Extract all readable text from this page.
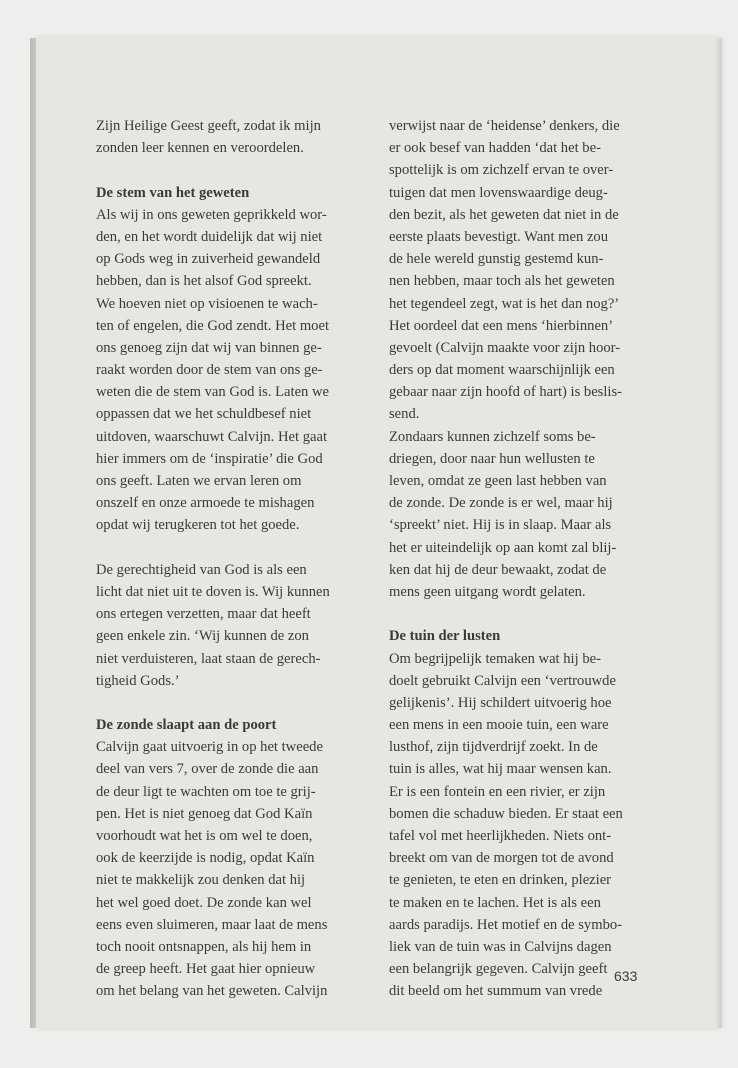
Zijn Heilige Geest geeft, zodat ik mijn
zonden leer kennen en veroordelen.
De stem van het geweten
Als wij in ons geweten geprikkeld wor-
den, en het wordt duidelijk dat wij niet
op Gods weg in zuiverheid gewandeld
hebben, dan is het alsof God spreekt.
We hoeven niet op visioenen te wach-
ten of engelen, die God zendt. Het moet
ons genoeg zijn dat wij van binnen ge-
raakt worden door de stem van ons ge-
weten die de stem van God is. Laten we
oppassen dat we het schuldbesef niet
uitdoven, waarschuwt Calvijn. Het gaat
hier immers om de ‘inspiratie’ die God
ons geeft. Laten we ervan leren om
onszelf en onze armoede te mishagen
opdat wij terugkeren tot het goede.
De gerechtigheid van God is als een
licht dat niet uit te doven is. Wij kunnen
ons ertegen verzetten, maar dat heeft
geen enkele zin. ‘Wij kunnen de zon
niet verduisteren, laat staan de gerech-
tigheid Gods.’
De zonde slaapt aan de poort
Calvijn gaat uitvoerig in op het tweede
deel van vers 7, over de zonde die aan
de deur ligt te wachten om toe te grij-
pen. Het is niet genoeg dat God Kaïn
voorhoudt wat het is om wel te doen,
ook de keerzijde is nodig, opdat Kaïn
niet te makkelijk zou denken dat hij
het wel goed doet. De zonde kan wel
eens even sluimeren, maar laat de mens
toch nooit ontsnappen, als hij hem in
de greep heeft. Het gaat hier opnieuw
om het belang van het geweten. Calvijn
verwijst naar de ‘heidense’ denkers, die
er ook besef van hadden ‘dat het be-
spottelijk is om zichzelf ervan te over-
tuigen dat men lovenswaardige deug-
den bezit, als het geweten dat niet in de
eerste plaats bevestigt. Want men zou
de hele wereld gunstig gestemd kun-
nen hebben, maar toch als het geweten
het tegendeel zegt, wat is het dan nog?’
Het oordeel dat een mens ‘hierbinnen’
gevoelt (Calvijn maakte voor zijn hoor-
ders op dat moment waarschijnlijk een
gebaar naar zijn hoofd of hart) is beslis-
send.
Zondaars kunnen zichzelf soms be-
driegen, door naar hun wellusten te
leven, omdat ze geen last hebben van
de zonde. De zonde is er wel, maar hij
‘spreekt’ niet. Hij is in slaap. Maar als
het er uiteindelijk op aan komt zal blij-
ken dat hij de deur bewaakt, zodat de
mens geen uitgang wordt gelaten.
De tuin der lusten
Om begrijpelijk temaken wat hij be-
doelt gebruikt Calvijn een ‘vertrouwde
gelijkenis’. Hij schildert uitvoerig hoe
een mens in een mooie tuin, een ware
lusthof, zijn tijdverdrijf zoekt. In de
tuin is alles, wat hij maar wensen kan.
Er is een fontein en een rivier, er zijn
bomen die schaduw bieden. Er staat een
tafel vol met heerlijkheden. Niets ont-
breekt om van de morgen tot de avond
te genieten, te eten en drinken, plezier
te maken en te lachen. Het is als een
aards paradijs. Het motief en de symbo-
liek van de tuin was in Calvijns dagen
een belangrijk gegeven. Calvijn geeft
dit beeld om het summum van vrede
633
